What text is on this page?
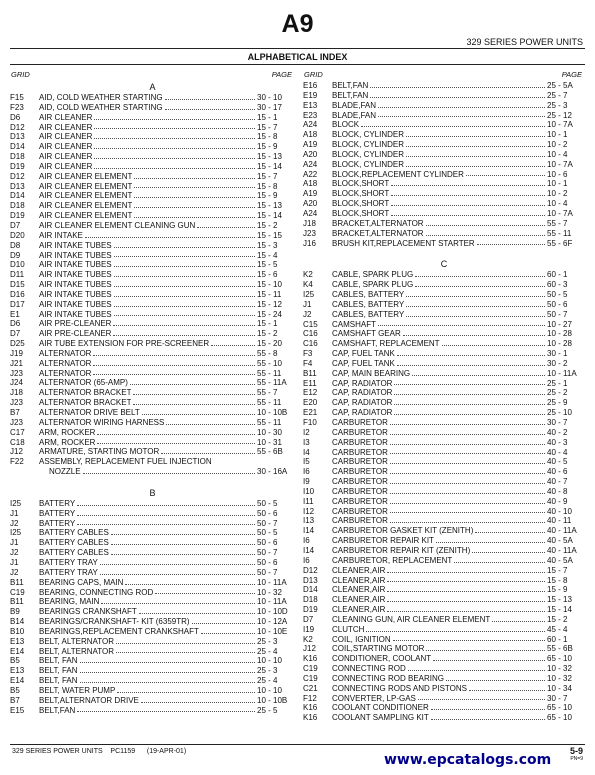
A9
329 SERIES POWER UNITS
ALPHABETICAL INDEX
GRID	PAGE
A
F15	AID, COLD WEATHER STARTING	30 - 10
F23	AID, COLD WEATHER STARTING	30 - 17
D6	AIR CLEANER	15 - 1
D12	AIR CLEANER	15 - 7
D13	AIR CLEANER	15 - 8
D14	AIR CLEANER	15 - 9
D18	AIR CLEANER	15 - 13
D19	AIR CLEANER	15 - 14
D12	AIR CLEANER ELEMENT	15 - 7
D13	AIR CLEANER ELEMENT	15 - 8
D14	AIR CLEANER ELEMENT	15 - 9
D18	AIR CLEANER ELEMENT	15 - 13
D19	AIR CLEANER ELEMENT	15 - 14
D7	AIR CLEANER ELEMENT CLEANING GUN	15 - 2
D20	AIR INTAKE	15 - 15
D8	AIR INTAKE TUBES	15 - 3
D9	AIR INTAKE TUBES	15 - 4
D10	AIR INTAKE TUBES	15 - 5
D11	AIR INTAKE TUBES	15 - 6
D15	AIR INTAKE TUBES	15 - 10
D16	AIR INTAKE TUBES	15 - 11
D17	AIR INTAKE TUBES	15 - 12
E1	AIR INTAKE TUBES	15 - 24
D6	AIR PRE-CLEANER	15 - 1
D7	AIR PRE-CLEANER	15 - 2
D25	AIR TUBE EXTENSION FOR PRE-SCREENER	15 - 20
J19	ALTERNATOR	55 - 8
J21	ALTERNATOR	55 - 10
J23	ALTERNATOR	55 - 11
J24	ALTERNATOR (65-AMP)	55 - 11A
J18	ALTERNATOR BRACKET	55 - 7
J23	ALTERNATOR BRACKET	55 - 11
B7	ALTERNATOR DRIVE BELT	10 - 10B
J23	ALTERNATOR WIRING HARNESS	55 - 11
C17	ARM, ROCKER	10 - 30
C18	ARM, ROCKER	10 - 31
J12	ARMATURE, STARTING MOTOR	55 - 6B
F22	ASSEMBLY, REPLACEMENT FUEL INJECTION
NOZZLE	30 - 16A
B
I25	BATTERY	50 - 5
J1	BATTERY	50 - 6
J2	BATTERY	50 - 7
I25	BATTERY CABLES	50 - 5
J1	BATTERY CABLES	50 - 6
J2	BATTERY CABLES	50 - 7
J1	BATTERY TRAY	50 - 6
J2	BATTERY TRAY	50 - 7
B11	BEARING CAPS, MAIN	10 - 11A
C19	BEARING, CONNECTING ROD	10 - 32
B11	BEARING, MAIN	10 - 11A
B9	BEARINGS CRANKSHAFT	10 - 10D
B14	BEARINGS/CRANKSHAFT- KIT (6359TR)	10 - 12A
B10	BEARINGS,REPLACEMENT CRANKSHAFT	10 - 10E
E13	BELT, ALTERNATOR	25 - 3
E14	BELT, ALTERNATOR	25 - 4
B5	BELT, FAN	10 - 10
E13	BELT, FAN	25 - 3
E14	BELT, FAN	25 - 4
B5	BELT, WATER PUMP	10 - 10
B7	BELT,ALTERNATOR DRIVE	10 - 10B
E15	BELT,FAN	25 - 5
GRID	PAGE
E16	BELT,FAN	25 - 5A
E19	BELT,FAN	25 - 7
E13	BLADE,FAN	25 - 3
E23	BLADE,FAN	25 - 12
A24	BLOCK	10 - 7A
A18	BLOCK, CYLINDER	10 - 1
A19	BLOCK, CYLINDER	10 - 2
A20	BLOCK, CYLINDER	10 - 4
A24	BLOCK, CYLINDER	10 - 7A
A22	BLOCK,REPLACEMENT CYLINDER	10 - 6
A18	BLOCK,SHORT	10 - 1
A19	BLOCK,SHORT	10 - 2
A20	BLOCK,SHORT	10 - 4
A24	BLOCK,SHORT	10 - 7A
J18	BRACKET,ALTERNATOR	55 - 7
J23	BRACKET,ALTERNATOR	55 - 11
J16	BRUSH KIT,REPLACEMENT STARTER	55 - 6F
C
K2	CABLE, SPARK PLUG	60 - 1
K4	CABLE, SPARK PLUG	60 - 3
I25	CABLES, BATTERY	50 - 5
J1	CABLES, BATTERY	50 - 6
J2	CABLES, BATTERY	50 - 7
C15	CAMSHAFT	10 - 27
C16	CAMSHAFT GEAR	10 - 28
C16	CAMSHAFT, REPLACEMENT	10 - 28
F3	CAP, FUEL TANK	30 - 1
F4	CAP, FUEL TANK	30 - 2
B11	CAP, MAIN BEARING	10 - 11A
E11	CAP, RADIATOR	25 - 1
E12	CAP, RADIATOR	25 - 2
E20	CAP, RADIATOR	25 - 9
E21	CAP, RADIATOR	25 - 10
F10	CARBURETOR	30 - 7
I2	CARBURETOR	40 - 2
I3	CARBURETOR	40 - 3
I4	CARBURETOR	40 - 4
I5	CARBURETOR	40 - 5
I6	CARBURETOR	40 - 6
I9	CARBURETOR	40 - 7
I10	CARBURETOR	40 - 8
I11	CARBURETOR	40 - 9
I12	CARBURETOR	40 - 10
I13	CARBURETOR	40 - 11
I14	CARBURETOR GASKET KIT (ZENITH)	40 - 11A
I6	CARBURETOR REPAIR KIT	40 - 5A
I14	CARBURETOR REPAIR KIT (ZENITH)	40 - 11A
I6	CARBURETOR, REPLACEMENT	40 - 5A
D12	CLEANER,AIR	15 - 7
D13	CLEANER,AIR	15 - 8
D14	CLEANER,AIR	15 - 9
D18	CLEANER,AIR	15 - 13
D19	CLEANER,AIR	15 - 14
D7	CLEANING GUN, AIR CLEANER ELEMENT	15 - 2
I19	CLUTCH	45 - 4
K2	COIL, IGNITION	60 - 1
J12	COIL,STARTING MOTOR	55 - 6B
K16	CONDITIONER, COOLANT	65 - 10
C19	CONNECTING ROD	10 - 32
C19	CONNECTING ROD BEARING	10 - 32
C21	CONNECTING RODS AND PISTONS	10 - 34
F12	CONVERTER, LP-GAS	30 - 7
K16	COOLANT CONDITIONER	65 - 10
K16	COOLANT SAMPLING KIT	65 - 10
329 SERIES POWER UNITS    PC1159      (19-APR-01)
www.epcatalogs.com
5-9
PN=9
